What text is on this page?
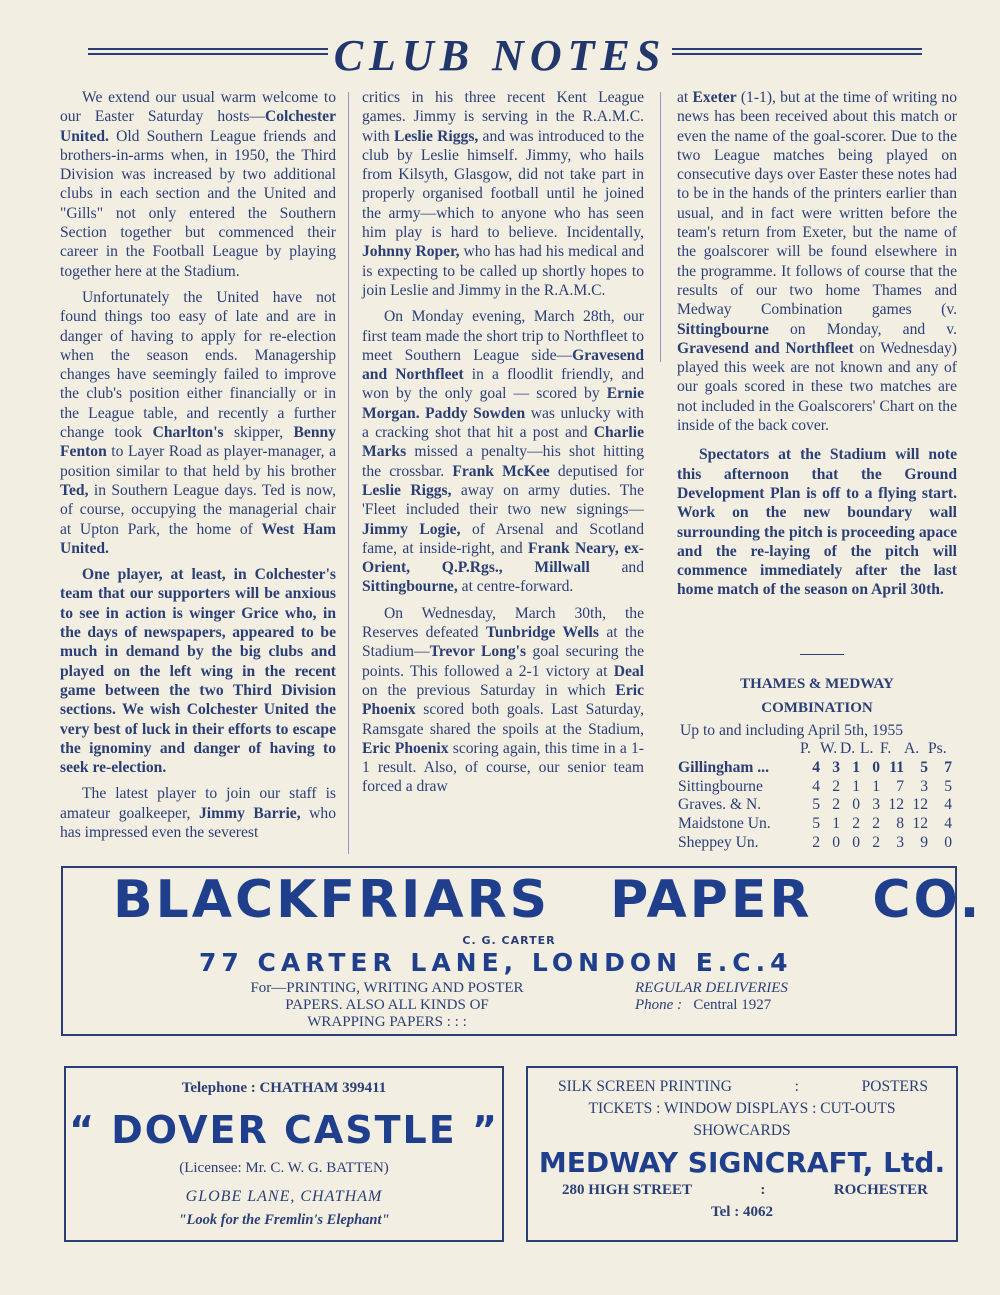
CLUB NOTES

We extend our usual warm welcome to our Easter Saturday hosts—Colchester United. Old Southern League friends and brothers-in-arms when, in 1950, the Third Division was increased by two additional clubs in each section and the United and "Gills" not only entered the Southern Section together but commenced their career in the Football League by playing together here at the Stadium.

Unfortunately the United have not found things too easy of late and are in danger of having to apply for re-election when the season ends. Managership changes have seemingly failed to improve the club's position either financially or in the League table, and recently a further change took Charlton's skipper, Benny Fenton to Layer Road as player-manager, a position similar to that held by his brother Ted, in Southern League days. Ted is now, of course, occupying the managerial chair at Upton Park, the home of West Ham United.

One player, at least, in Colchester's team that our supporters will be anxious to see in action is winger Grice who, in the days of newspapers, appeared to be much in demand by the big clubs and played on the left wing in the recent game between the two Third Division sections. We wish Colchester United the very best of luck in their efforts to escape the ignominy and danger of having to seek re-election.

The latest player to join our staff is amateur goalkeeper, Jimmy Barrie, who has impressed even the severest

critics in his three recent Kent League games. Jimmy is serving in the R.A.M.C. with Leslie Riggs, and was introduced to the club by Leslie himself. Jimmy, who hails from Kilsyth, Glasgow, did not take part in properly organised football until he joined the army—which to anyone who has seen him play is hard to believe. Incidentally, Johnny Roper, who has had his medical and is expecting to be called up shortly hopes to join Leslie and Jimmy in the R.A.M.C.

On Monday evening, March 28th, our first team made the short trip to Northfleet to meet Southern League side—Gravesend and Northfleet in a floodlit friendly, and won by the only goal — scored by Ernie Morgan. Paddy Sowden was unlucky with a cracking shot that hit a post and Charlie Marks missed a penalty—his shot hitting the crossbar. Frank McKee deputised for Leslie Riggs, away on army duties. The 'Fleet included their two new signings—Jimmy Logie, of Arsenal and Scotland fame, at inside-right, and Frank Neary, ex-Orient, Q.P.Rgs., Millwall and Sittingbourne, at centre-forward.

On Wednesday, March 30th, the Reserves defeated Tunbridge Wells at the Stadium—Trevor Long's goal securing the points. This followed a 2-1 victory at Deal on the previous Saturday in which Eric Phoenix scored both goals. Last Saturday, Ramsgate shared the spoils at the Stadium, Eric Phoenix scoring again, this time in a 1-1 result. Also, of course, our senior team forced a draw

at Exeter (1-1), but at the time of writing no news has been received about this match or even the name of the goal-scorer. Due to the two League matches being played on consecutive days over Easter these notes had to be in the hands of the printers earlier than usual, and in fact were written before the team's return from Exeter, but the name of the goalscorer will be found elsewhere in the programme. It follows of course that the results of our two home Thames and Medway Combination games (v. Sittingbourne on Monday, and v. Gravesend and Northfleet on Wednesday) played this week are not known and any of our goals scored in these two matches are not included in the Goalscorers' Chart on the inside of the back cover.

Spectators at the Stadium will note this afternoon that the Ground Development Plan is off to a flying start. Work on the new boundary wall surrounding the pitch is proceeding apace and the re-laying of the pitch will commence immediately after the last home match of the season on April 30th.

THAMES & MEDWAY
COMBINATION
Up to and including April 5th, 1955
	P.	W.	D.	L.	F.	A.	Ps.
Gillingham ...	4	3	1	0	11	5	7
Sittingbourne	4	2	1	1	7	3	5
Graves. & N.	5	2	0	3	12	12	4
Maidstone Un.	5	1	2	2	8	12	4
Sheppey Un.	2	0	0	2	3	9	0
BLACKFRIARS PAPER CO.
C. G. CARTER
77 CARTER LANE, LONDON E.C.4
For—PRINTING, WRITING AND POSTER
PAPERS. ALSO ALL KINDS OF
WRAPPING PAPERS : : :
REGULAR DELIVERIES
Phone : Central 1927
Telephone : CHATHAM 399411
“ DOVER CASTLE ”
(Licensee: Mr. C. W. G. BATTEN)
GLOBE LANE, CHATHAM
"Look for the Fremlin's Elephant"
SILK SCREEN PRINTING	:	POSTERS
TICKETS : WINDOW DISPLAYS : CUT-OUTS
SHOWCARDS
MEDWAY SIGNCRAFT, Ltd.
280 HIGH STREET	:	ROCHESTER
Tel : 4062
